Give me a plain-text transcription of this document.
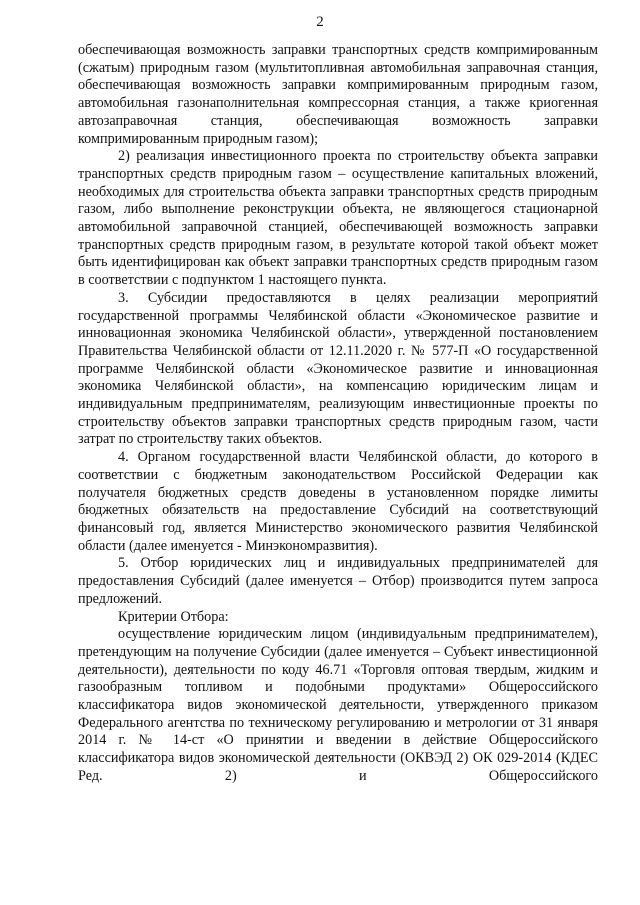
2

обеспечивающая возможность заправки транспортных средств компримированным (сжатым) природным газом (мультитопливная автомобильная заправочная станция, обеспечивающая возможность заправки компримированным природным газом, автомобильная газонаполнительная компрессорная станция, а также криогенная автозаправочная станция, обеспечивающая возможность заправки компримированным природным газом);

2) реализация инвестиционного проекта по строительству объекта заправки транспортных средств природным газом – осуществление капитальных вложений, необходимых для строительства объекта заправки транспортных средств природным газом, либо выполнение реконструкции объекта, не являющегося стационарной автомобильной заправочной станцией, обеспечивающей возможность заправки транспортных средств природным газом, в результате которой такой объект может быть идентифицирован как объект заправки транспортных средств природным газом в соответствии с подпунктом 1 настоящего пункта.

3. Субсидии предоставляются в целях реализации мероприятий государственной программы Челябинской области «Экономическое развитие и инновационная экономика Челябинской области», утвержденной постановлением Правительства Челябинской области от 12.11.2020 г. № 577-П «О государственной программе Челябинской области «Экономическое развитие и инновационная экономика Челябинской области», на компенсацию юридическим лицам и индивидуальным предпринимателям, реализующим инвестиционные проекты по строительству объектов заправки транспортных средств природным газом, части затрат по строительству таких объектов.

4. Органом государственной власти Челябинской области, до которого в соответствии с бюджетным законодательством Российской Федерации как получателя бюджетных средств доведены в установленном порядке лимиты бюджетных обязательств на предоставление Субсидий на соответствующий финансовый год, является Министерство экономического развития Челябинской области (далее именуется - Минэкономразвития).

5. Отбор юридических лиц и индивидуальных предпринимателей для предоставления Субсидий (далее именуется – Отбор) производится путем запроса предложений.

Критерии Отбора:

осуществление юридическим лицом (индивидуальным предпринимателем), претендующим на получение Субсидии (далее именуется – Субъект инвестиционной деятельности), деятельности по коду 46.71 «Торговля оптовая твердым, жидким и газообразным топливом и подобными продуктами» Общероссийского классификатора видов экономической деятельности, утвержденного приказом Федерального агентства по техническому регулированию и метрологии от 31 января 2014 г. № 14-ст «О принятии и введении в действие Общероссийского классификатора видов экономической деятельности (ОКВЭД 2) ОК 029-2014 (КДЕС Ред. 2) и Общероссийского
